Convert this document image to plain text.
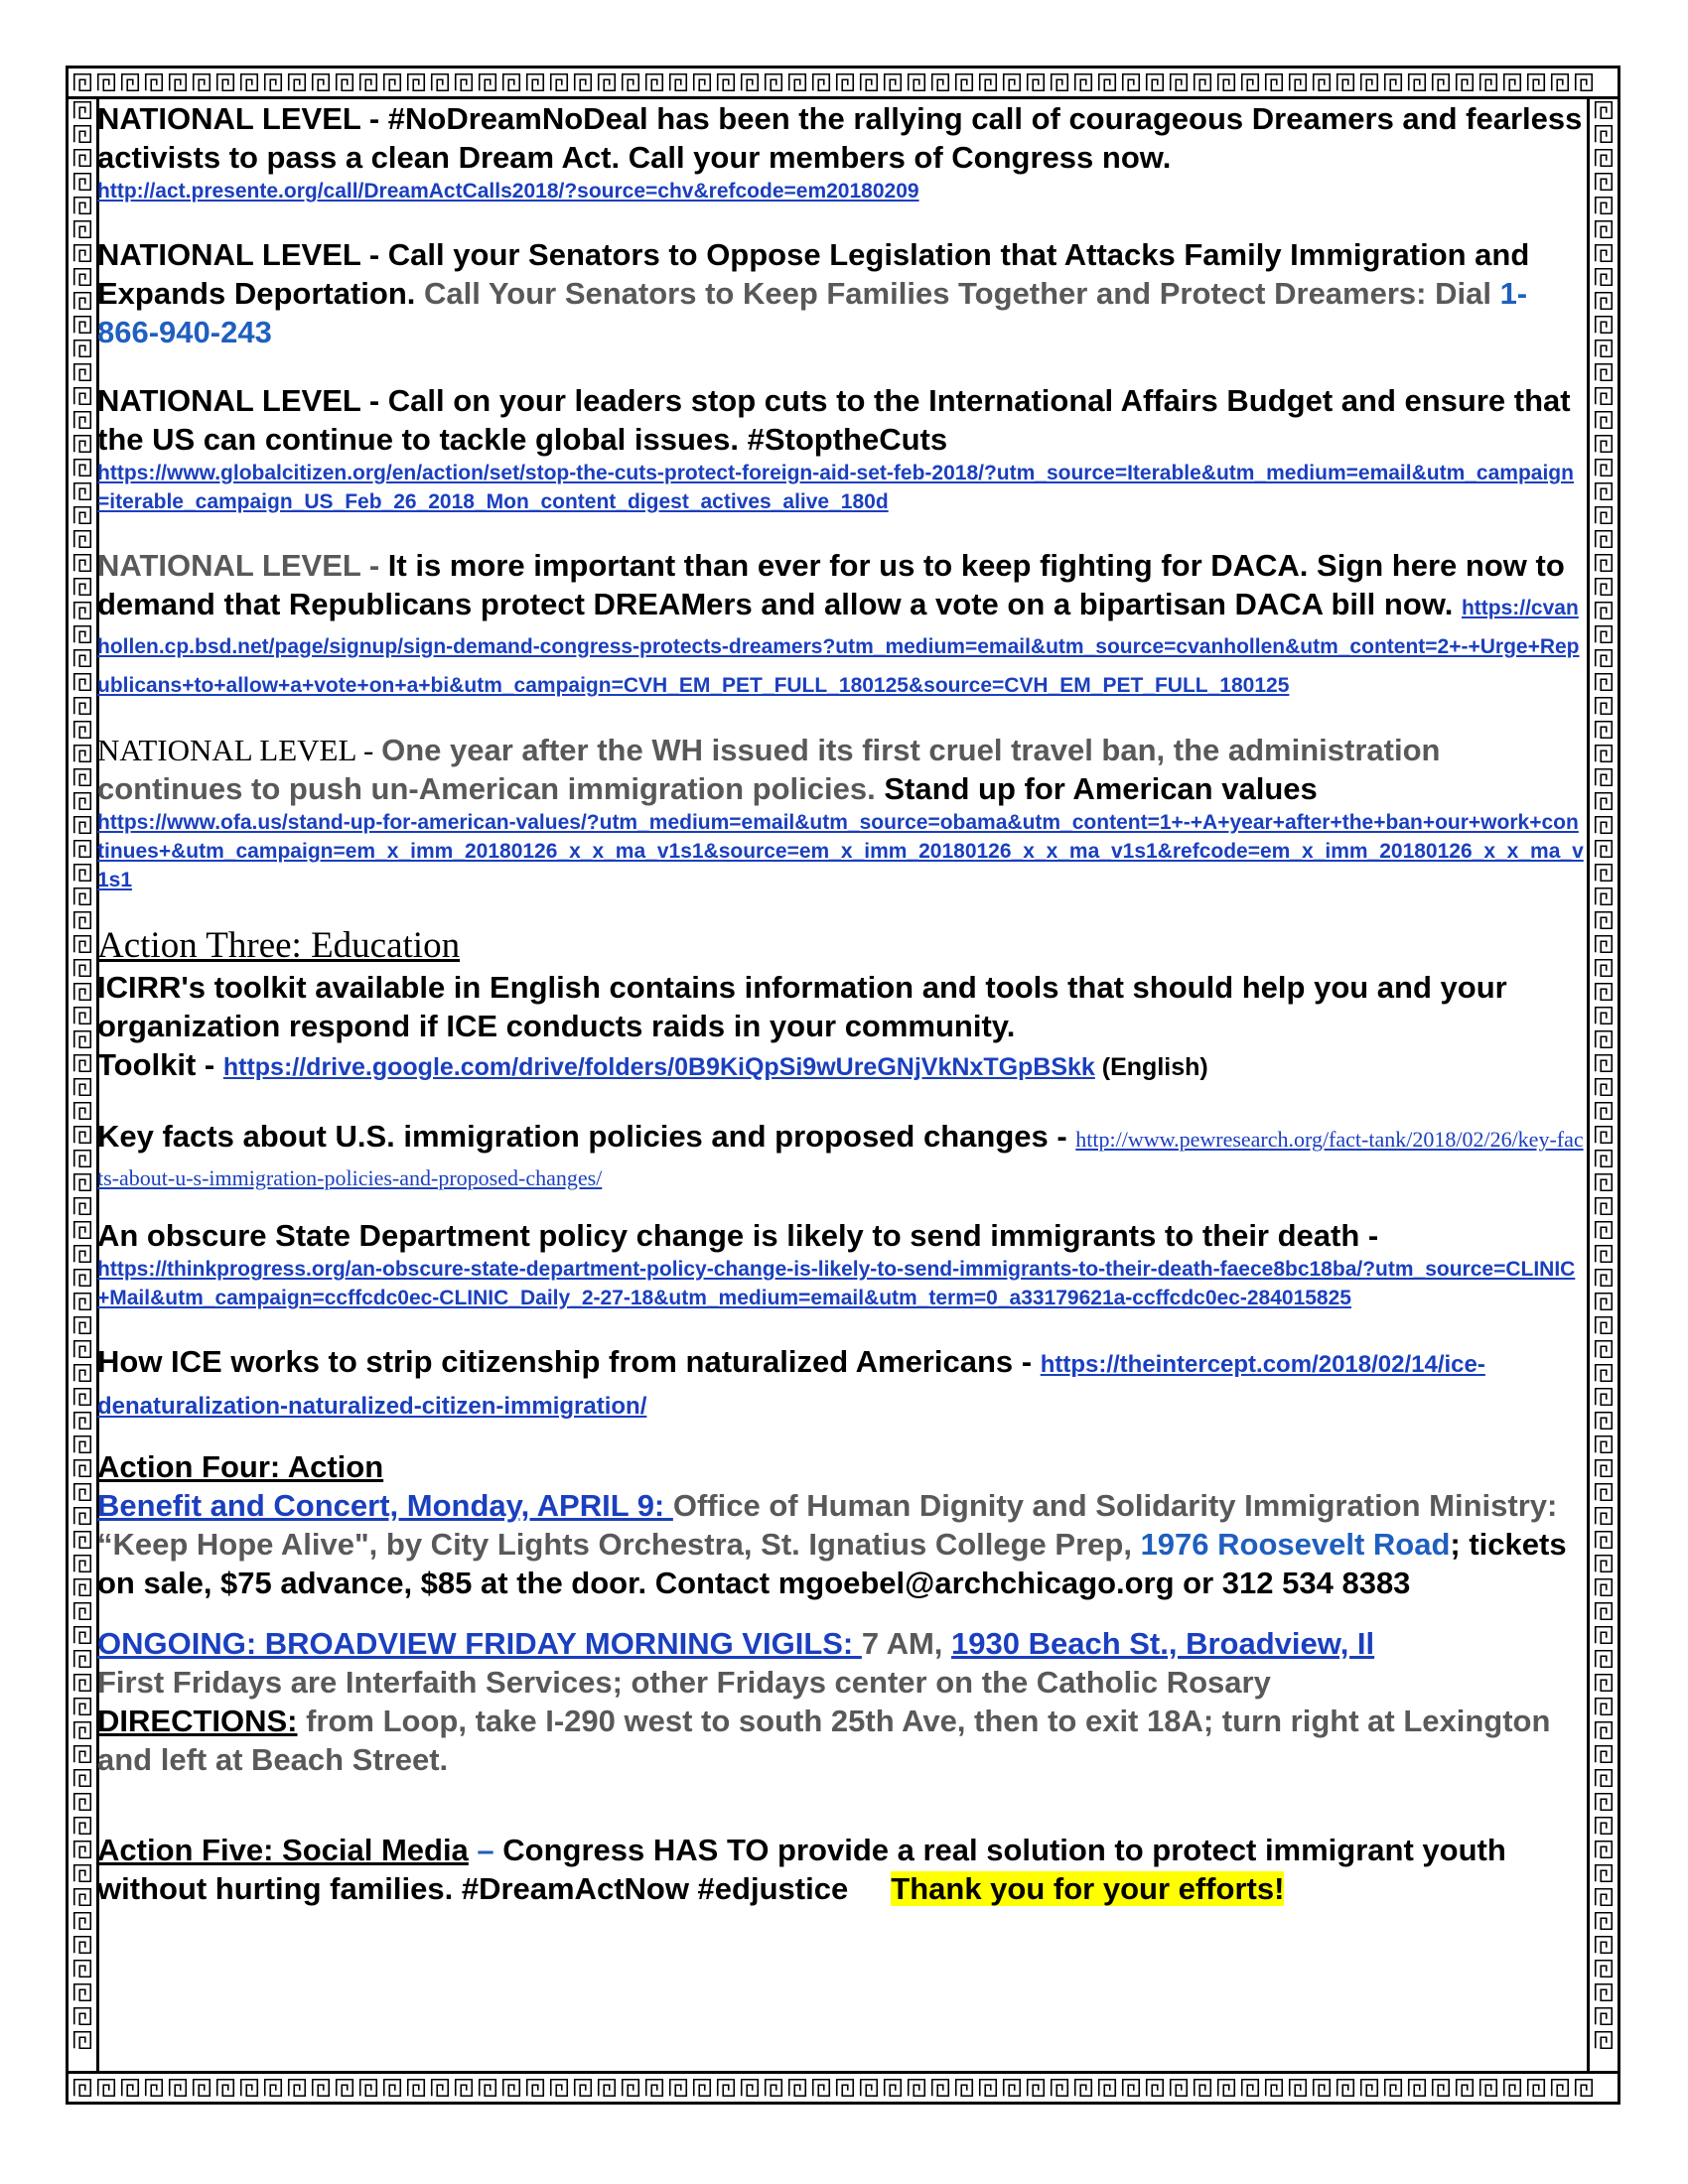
NATIONAL LEVEL - #NoDreamNoDeal has been the rallying call of courageous Dreamers and fearless activists to pass a clean Dream Act. Call your members of Congress now.

http://act.presente.org/call/DreamActCalls2018/?source=chv&refcode=em20180209

NATIONAL LEVEL - Call your Senators to Oppose Legislation that Attacks Family Immigration and Expands Deportation. Call Your Senators to Keep Families Together and Protect Dreamers: Dial 1-866-940-243

NATIONAL LEVEL - Call on your leaders stop cuts to the International Affairs Budget and ensure that the US can continue to tackle global issues. #StoptheCuts

https://www.globalcitizen.org/en/action/set/stop-the-cuts-protect-foreign-aid-set-feb-2018/?utm_source=Iterable&utm_medium=email&utm_campaign=iterable_campaign_US_Feb_26_2018_Mon_content_digest_actives_alive_180d

NATIONAL LEVEL - It is more important than ever for us to keep fighting for DACA. Sign here now to demand that Republicans protect DREAMers and allow a vote on a bipartisan DACA bill now. https://cvanhollen.cp.bsd.net/page/signup/sign-demand-congress-protects-dreamers?utm_medium=email&utm_source=cvanhollen&utm_content=2+-+Urge+Republicans+to+allow+a+vote+on+a+bi&utm_campaign=CVH_EM_PET_FULL_180125&source=CVH_EM_PET_FULL_180125

NATIONAL LEVEL - One year after the WH issued its first cruel travel ban, the administration continues to push un-American immigration policies. Stand up for American values

https://www.ofa.us/stand-up-for-american-values/?utm_medium=email&utm_source=obama&utm_content=1+-+A+year+after+the+ban+our+work+continues+&utm_campaign=em_x_imm_20180126_x_x_ma_v1s1&source=em_x_imm_20180126_x_x_ma_v1s1&refcode=em_x_imm_20180126_x_x_ma_v1s1

Action Three: Education

ICIRR's toolkit available in English contains information and tools that should help you and your organization respond if ICE conducts raids in your community.

Toolkit - https://drive.google.com/drive/folders/0B9KiQpSi9wUreGNjVkNxTGpBSkk (English)

Key facts about U.S. immigration policies and proposed changes - http://www.pewresearch.org/fact-tank/2018/02/26/key-facts-about-u-s-immigration-policies-and-proposed-changes/

An obscure State Department policy change is likely to send immigrants to their death -

https://thinkprogress.org/an-obscure-state-department-policy-change-is-likely-to-send-immigrants-to-their-death-faece8bc18ba/?utm_source=CLINIC+Mail&utm_campaign=ccffcdc0ec-CLINIC_Daily_2-27-18&utm_medium=email&utm_term=0_a33179621a-ccffcdc0ec-284015825

How ICE works to strip citizenship from naturalized Americans - https://theintercept.com/2018/02/14/ice-denaturalization-naturalized-citizen-immigration/

Action Four: Action

Benefit and Concert, Monday, APRIL 9: Office of Human Dignity and Solidarity Immigration Ministry: “Keep Hope Alive", by City Lights Orchestra, St. Ignatius College Prep, 1976 Roosevelt Road; tickets on sale, $75 advance, $85 at the door. Contact mgoebel@archchicago.org or 312 534 8383

ONGOING: BROADVIEW FRIDAY MORNING VIGILS: 7 AM, 1930 Beach St., Broadview, Il

First Fridays are Interfaith Services; other Fridays center on the Catholic Rosary

DIRECTIONS: from Loop, take I-290 west to south 25th Ave, then to exit 18A; turn right at Lexington and left at Beach Street.

Action Five: Social Media – Congress HAS TO provide a real solution to protect immigrant youth without hurting families. #DreamActNow #edjustice Thank you for your efforts!
